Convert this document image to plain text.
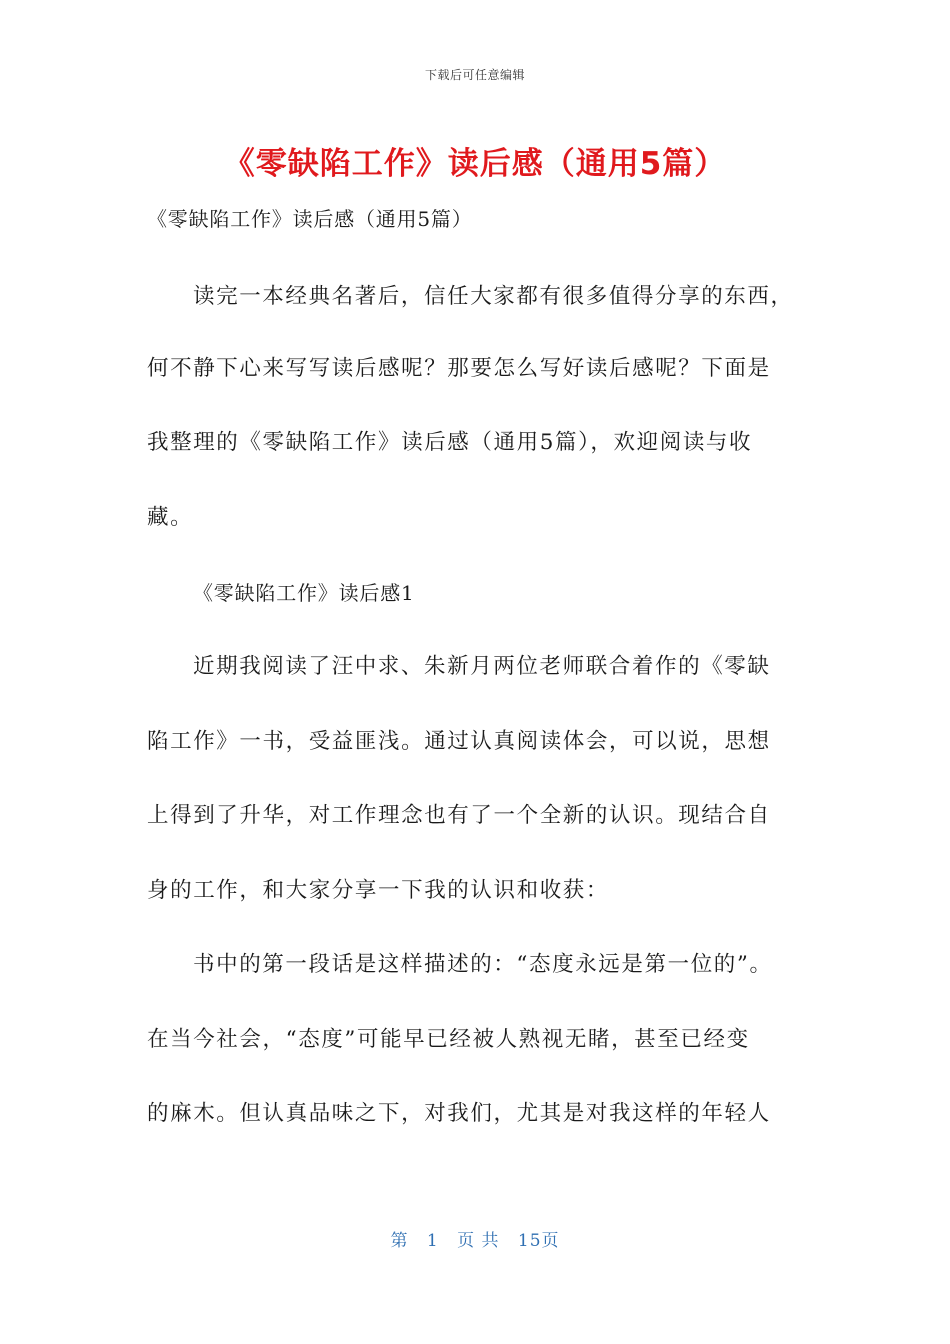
下载后可任意编辑
《零缺陷工作》读后感（通用5篇）
《零缺陷工作》读后感（通用5篇）
读完一本经典名著后，信任大家都有很多值得分享的东西，
何不静下心来写写读后感呢？那要怎么写好读后感呢？下面是
我整理的《零缺陷工作》读后感（通用5篇），欢迎阅读与收
藏。
《零缺陷工作》读后感1
近期我阅读了汪中求、朱新月两位老师联合着作的《零缺
陷工作》一书，受益匪浅。通过认真阅读体会，可以说，思想
上得到了升华，对工作理念也有了一个全新的认识。现结合自
身的工作，和大家分享一下我的认识和收获：
书中的第一段话是这样描述的：“态度永远是第一位的”。
在当今社会，“态度”可能早已经被人熟视无睹，甚至已经变
的麻木。但认真品味之下，对我们，尤其是对我这样的年轻人
第 1 页 共 15页
